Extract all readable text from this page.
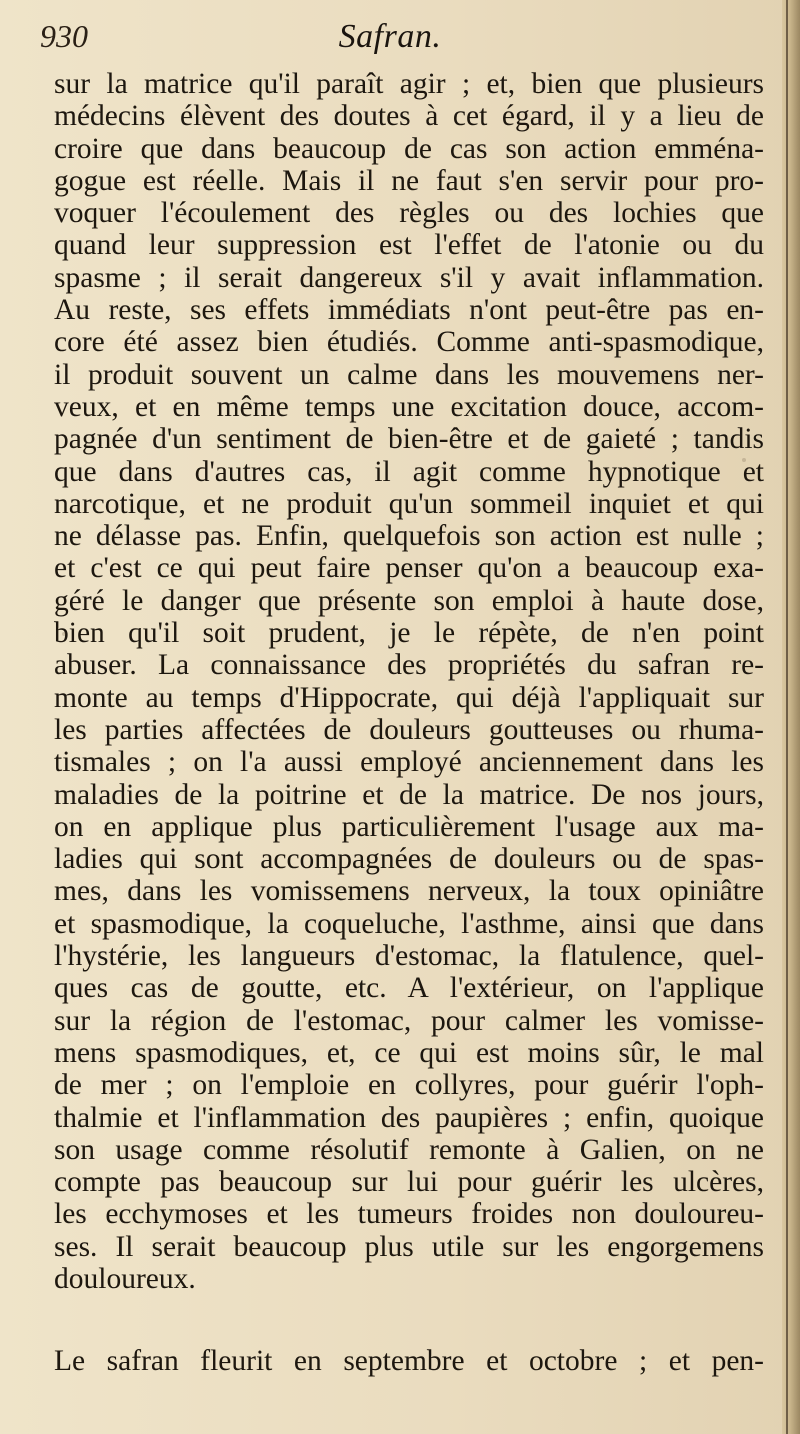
930	Safran.
sur la matrice qu'il paraît agir ; et, bien que plusieurs
médecins élèvent des doutes à cet égard, il y a lieu de
croire que dans beaucoup de cas son action emména-
gogue est réelle. Mais il ne faut s'en servir pour pro-
voquer l'écoulement des règles ou des lochies que
quand leur suppression est l'effet de l'atonie ou du
spasme ; il serait dangereux s'il y avait inflammation.
Au reste, ses effets immédiats n'ont peut-être pas en-
core été assez bien étudiés. Comme anti-spasmodique,
il produit souvent un calme dans les mouvemens ner-
veux, et en même temps une excitation douce, accom-
pagnée d'un sentiment de bien-être et de gaieté ; tandis
que dans d'autres cas, il agit comme hypnotique et
narcotique, et ne produit qu'un sommeil inquiet et qui
ne délasse pas. Enfin, quelquefois son action est nulle ;
et c'est ce qui peut faire penser qu'on a beaucoup exa-
géré le danger que présente son emploi à haute dose,
bien qu'il soit prudent, je le répète, de n'en point
abuser. La connaissance des propriétés du safran re-
monte au temps d'Hippocrate, qui déjà l'appliquait sur
les parties affectées de douleurs goutteuses ou rhuma-
tismales ; on l'a aussi employé anciennement dans les
maladies de la poitrine et de la matrice. De nos jours,
on en applique plus particulièrement l'usage aux ma-
ladies qui sont accompagnées de douleurs ou de spas-
mes, dans les vomissemens nerveux, la toux opiniâtre
et spasmodique, la coqueluche, l'asthme, ainsi que dans
l'hystérie, les langueurs d'estomac, la flatulence, quel-
ques cas de goutte, etc. A l'extérieur, on l'applique
sur la région de l'estomac, pour calmer les vomisse-
mens spasmodiques, et, ce qui est moins sûr, le mal
de mer ; on l'emploie en collyres, pour guérir l'oph-
thalmie et l'inflammation des paupières ; enfin, quoique
son usage comme résolutif remonte à Galien, on ne
compte pas beaucoup sur lui pour guérir les ulcères,
les ecchymoses et les tumeurs froides non douloureu-
ses. Il serait beaucoup plus utile sur les engorgemens
douloureux.
Le safran fleurit en septembre et octobre ; et pen-
